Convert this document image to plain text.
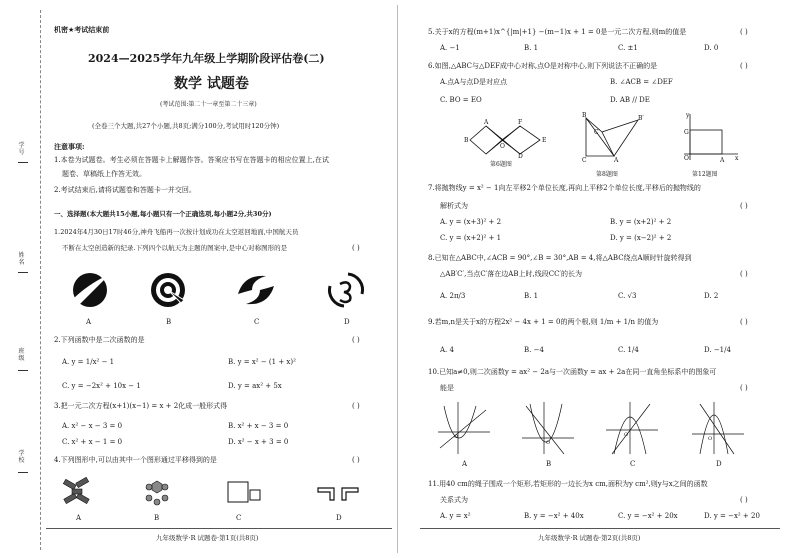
学号
姓名
班级
学校
机密★考试结束前
2024—2025学年九年级上学期阶段评估卷(二)
数学 试题卷
(考试范围:第二十一章至第二十三章)
(全卷三个大题,共27个小题,共8页;满分100分,考试用时120分钟)
注意事项:
1.本卷为试题卷。考生必须在答题卡上解题作答。答案应书写在答题卡的相应位置上,在试
题卷、草稿纸上作答无效。
2.考试结束后,请将试题卷和答题卡一并交回。
一、选择题(本大题共15小题,每小题只有一个正确选项,每小题2分,共30分)
1.2024年4月30日17时46分,神舟飞船再一次按计划成功在太空返回地面,中国航天员
不断在太空创造新的纪录.下列四个以航天为主题的图案中,是中心对称图形的是	( )
A	B	C	D
2.下列函数中是二次函数的是	( )
A. y = 1/x² − 1	B. y = x² − (1 + x)²
C. y = −2x² + 10x − 1	D. y = ax² + 5x
3.把一元二次方程(x+1)(x−1) = x + 2化成一般形式得	( )
A. x² − x − 3 = 0	B. x² + x − 3 = 0
C. x² + x − 1 = 0	D. x² − x + 3 = 0
4.下列图形中,可以由其中一个图形通过平移得到的是	( )
A	B	C	D
九年级数学·R 试题卷·第1页(共8页)
5.关于x的方程(m+1)x^{|m|+1} −(m−1)x + 1 = 0是一元二次方程,则m的值是	( )
A. −1	B. 1	C. ±1	D. 0
6.如图,△ABC与△DEF成中心对称,点O是对称中心,则下列说法不正确的是	( )
A.点A与点D是对应点	B. ∠ACB = ∠DEF
C. BO = EO	D. AB // DE
B
A
O
F
E
D
第6题图
B
C	A
B′
C′
第8题图
G
O	A
y
x
第12题图
7.将抛物线y = x² − 1向左平移2个单位长度,再向上平移2个单位长度,平移后的抛物线的
解析式为	( )
A. y = (x+3)² + 2	B. y = (x+2)² + 2
C. y = (x+2)² + 1	D. y = (x−2)² + 2
8.已知在△ABC中,∠ACB = 90°,∠B = 30°,AB = 4,将△ABC绕点A顺时针旋转得到
△AB′C′,当点C′落在边AB上时,线段CC′的长为	( )
A. 2π/3	B. 1	C. √3	D. 2
9.若m,n是关于x的方程2x² − 4x + 1 = 0的两个根,则 1/m + 1/n 的值为	( )
A. 4	B. −4	C. 1/4	D. −1/4
10.已知a≠0,则二次函数y = ax² − 2a与一次函数y = ax + 2a在同一直角坐标系中的图象可
能是	( )
O
O
O
O
A	B	C	D
11.用40 cm的绳子围成一个矩形,若矩形的一边长为x cm,面积为y cm²,则y与x之间的函数
关系式为	( )
A. y = x²	B. y = −x² + 40x	C. y = −x² + 20x	D. y = −x² + 20
九年级数学·R 试题卷·第2页(共8页)
